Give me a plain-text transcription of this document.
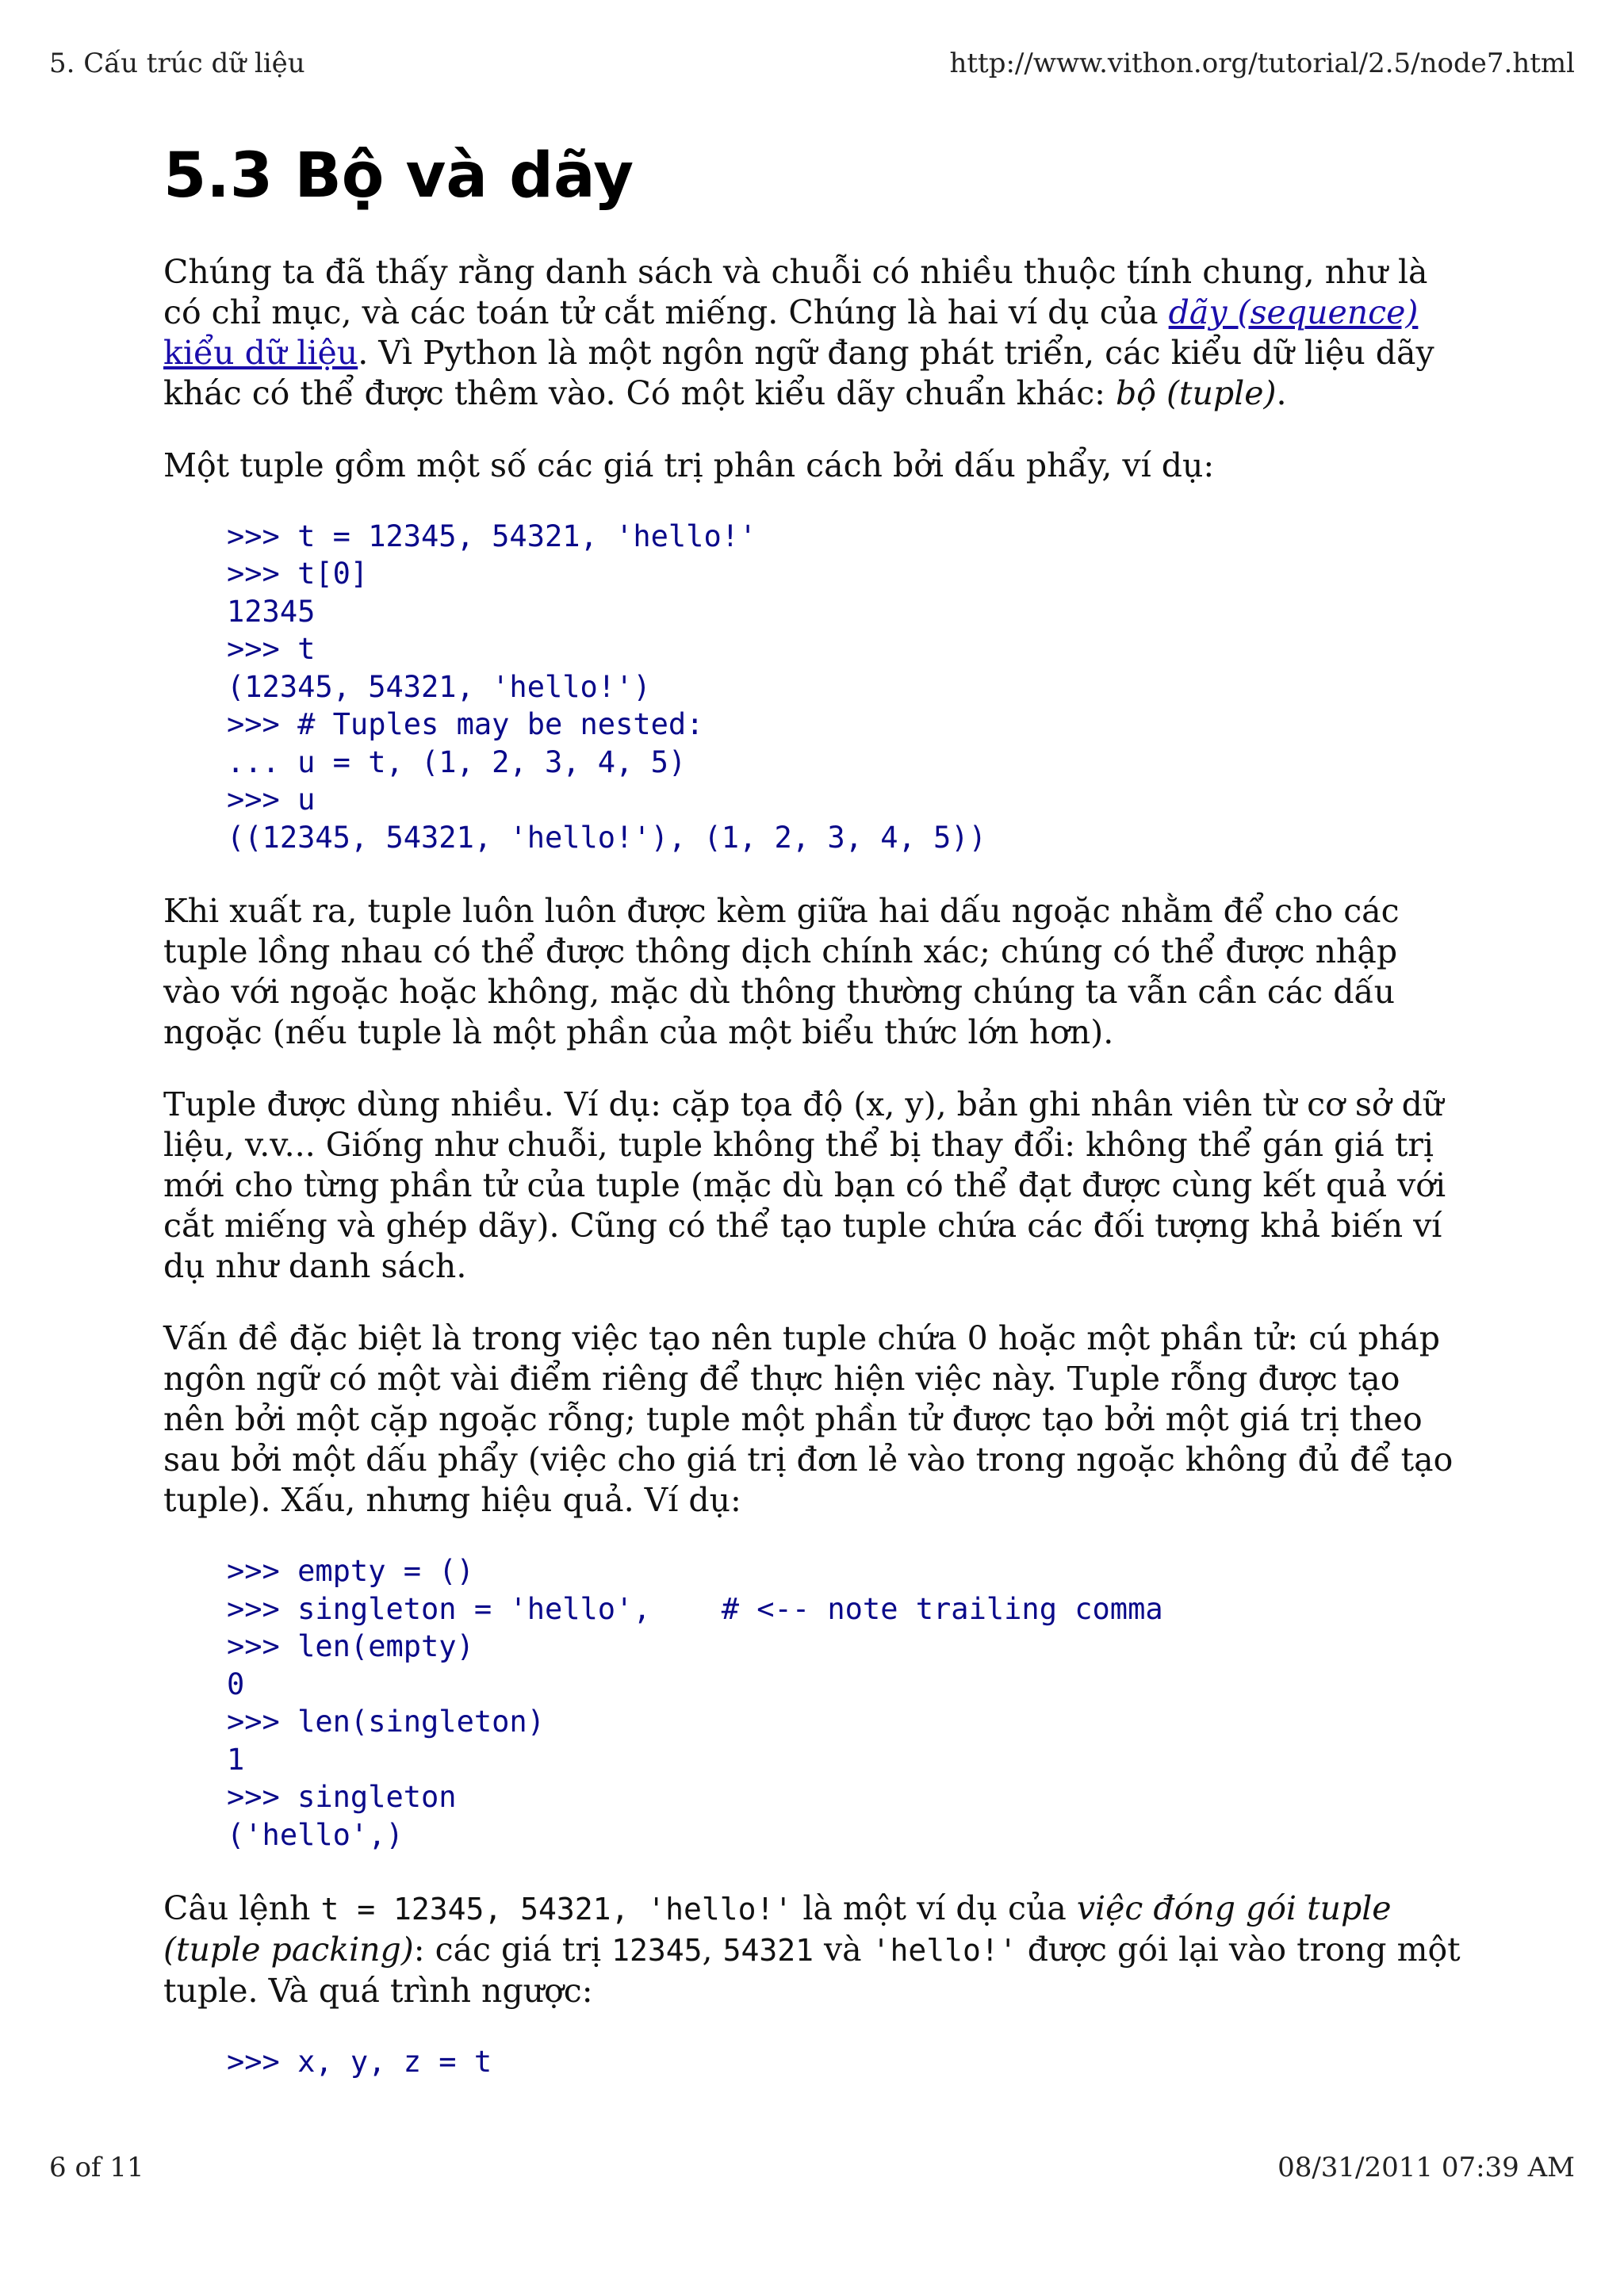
5. Cấu trúc dữ liệu	http://www.vithon.org/tutorial/2.5/node7.html
5.3 Bộ và dãy

Chúng ta đã thấy rằng danh sách và chuỗi có nhiều thuộc tính chung, như là có chỉ mục, và các toán tử cắt miếng. Chúng là hai ví dụ của dãy (sequence) kiểu dữ liệu. Vì Python là một ngôn ngữ đang phát triển, các kiểu dữ liệu dãy khác có thể được thêm vào. Có một kiểu dãy chuẩn khác: bộ (tuple).

Một tuple gồm một số các giá trị phân cách bởi dấu phẩy, ví dụ:

>>> t = 12345, 54321, 'hello!'
>>> t[0]
12345
>>> t
(12345, 54321, 'hello!')
>>> # Tuples may be nested:
... u = t, (1, 2, 3, 4, 5)
>>> u
((12345, 54321, 'hello!'), (1, 2, 3, 4, 5))

Khi xuất ra, tuple luôn luôn được kèm giữa hai dấu ngoặc nhằm để cho các tuple lồng nhau có thể được thông dịch chính xác; chúng có thể được nhập vào với ngoặc hoặc không, mặc dù thông thường chúng ta vẫn cần các dấu ngoặc (nếu tuple là một phần của một biểu thức lớn hơn).

Tuple được dùng nhiều. Ví dụ: cặp tọa độ (x, y), bản ghi nhân viên từ cơ sở dữ liệu, v.v... Giống như chuỗi, tuple không thể bị thay đổi: không thể gán giá trị mới cho từng phần tử của tuple (mặc dù bạn có thể đạt được cùng kết quả với cắt miếng và ghép dãy). Cũng có thể tạo tuple chứa các đối tượng khả biến ví dụ như danh sách.

Vấn đề đặc biệt là trong việc tạo nên tuple chứa 0 hoặc một phần tử: cú pháp ngôn ngữ có một vài điểm riêng để thực hiện việc này. Tuple rỗng được tạo nên bởi một cặp ngoặc rỗng; tuple một phần tử được tạo bởi một giá trị theo sau bởi một dấu phẩy (việc cho giá trị đơn lẻ vào trong ngoặc không đủ để tạo tuple). Xấu, nhưng hiệu quả. Ví dụ:

>>> empty = ()
>>> singleton = 'hello',    # <-- note trailing comma
>>> len(empty)
0
>>> len(singleton)
1
>>> singleton
('hello',)

Câu lệnh t = 12345, 54321, 'hello!' là một ví dụ của việc đóng gói tuple (tuple packing): các giá trị 12345, 54321 và 'hello!' được gói lại vào trong một tuple. Và quá trình ngược:

>>> x, y, z = t
6 of 11	08/31/2011 07:39 AM
